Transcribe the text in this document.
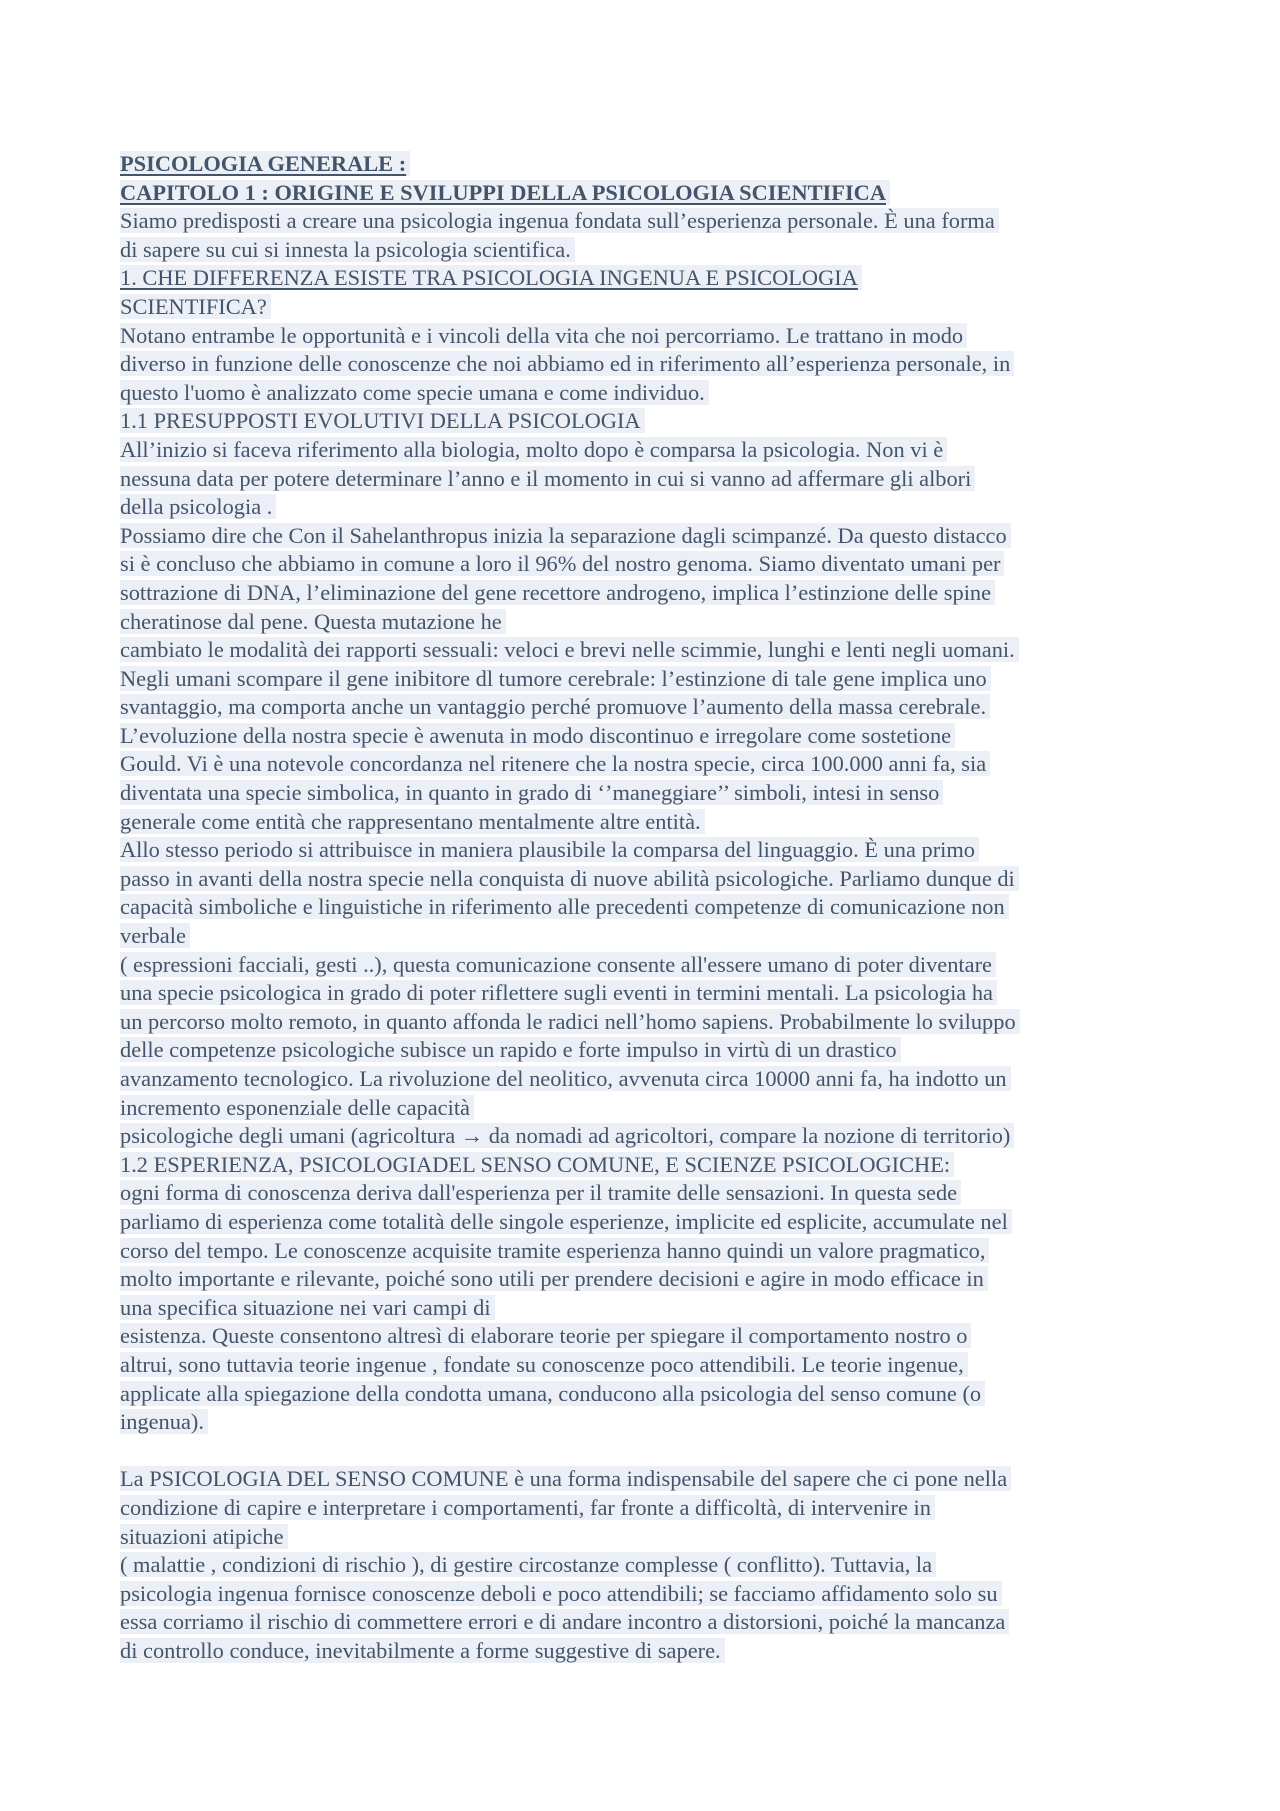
PSICOLOGIA GENERALE :
CAPITOLO 1 : ORIGINE E SVILUPPI DELLA PSICOLOGIA SCIENTIFICA
Siamo predisposti a creare una psicologia ingenua fondata sull’esperienza personale. È una forma
di sapere su cui si innesta la psicologia scientifica.
1. CHE DIFFERENZA ESISTE TRA PSICOLOGIA INGENUA E PSICOLOGIA
SCIENTIFICA?
Notano entrambe le opportunità e i vincoli della vita che noi percorriamo. Le trattano in modo
diverso in funzione delle conoscenze che noi abbiamo ed in riferimento all’esperienza personale, in
questo l'uomo è analizzato come specie umana e come individuo.
1.1 PRESUPPOSTI EVOLUTIVI DELLA PSICOLOGIA
All’inizio si faceva riferimento alla biologia, molto dopo è comparsa la psicologia. Non vi è
nessuna data per potere determinare l’anno e il momento in cui si vanno ad affermare gli albori
della psicologia .
Possiamo dire che Con il Sahelanthropus inizia la separazione dagli scimpanzé. Da questo distacco
si è concluso che abbiamo in comune a loro il 96% del nostro genoma. Siamo diventato umani per
sottrazione di DNA, l’eliminazione del gene recettore androgeno, implica l’estinzione delle spine
cheratinose dal pene. Questa mutazione he
cambiato le modalità dei rapporti sessuali: veloci e brevi nelle scimmie, lunghi e lenti negli uomani.
Negli umani scompare il gene inibitore dl tumore cerebrale: l’estinzione di tale gene implica uno
svantaggio, ma comporta anche un vantaggio perché promuove l’aumento della massa cerebrale.
L’evoluzione della nostra specie è awenuta in modo discontinuo e irregolare come sostetione
Gould. Vi è una notevole concordanza nel ritenere che la nostra specie, circa 100.000 anni fa, sia
diventata una specie simbolica, in quanto in grado di ‘’maneggiare’’ simboli, intesi in senso
generale come entità che rappresentano mentalmente altre entità.
Allo stesso periodo si attribuisce in maniera plausibile la comparsa del linguaggio. È una primo
passo in avanti della nostra specie nella conquista di nuove abilità psicologiche. Parliamo dunque di
capacità simboliche e linguistiche in riferimento alle precedenti competenze di comunicazione non
verbale
( espressioni facciali, gesti ..), questa comunicazione consente all'essere umano di poter diventare
una specie psicologica in grado di poter riflettere sugli eventi in termini mentali. La psicologia ha
un percorso molto remoto, in quanto affonda le radici nell’homo sapiens. Probabilmente lo sviluppo
delle competenze psicologiche subisce un rapido e forte impulso in virtù di un drastico
avanzamento tecnologico. La rivoluzione del neolitico, avvenuta circa 10000 anni fa, ha indotto un
incremento esponenziale delle capacità
psicologiche degli umani (agricoltura → da nomadi ad agricoltori, compare la nozione di territorio)
1.2 ESPERIENZA, PSICOLOGIADEL SENSO COMUNE, E SCIENZE PSICOLOGICHE:
ogni forma di conoscenza deriva dall'esperienza per il tramite delle sensazioni. In questa sede
parliamo di esperienza come totalità delle singole esperienze, implicite ed esplicite, accumulate nel
corso del tempo. Le conoscenze acquisite tramite esperienza hanno quindi un valore pragmatico,
molto importante e rilevante, poiché sono utili per prendere decisioni e agire in modo efficace in
una specifica situazione nei vari campi di
esistenza. Queste consentono altresì di elaborare teorie per spiegare il comportamento nostro o
altrui, sono tuttavia teorie ingenue , fondate su conoscenze poco attendibili. Le teorie ingenue,
applicate alla spiegazione della condotta umana, conducono alla psicologia del senso comune (o
ingenua).
La PSICOLOGIA DEL SENSO COMUNE è una forma indispensabile del sapere che ci pone nella
condizione di capire e interpretare i comportamenti, far fronte a difficoltà, di intervenire in
situazioni atipiche
( malattie , condizioni di rischio ), di gestire circostanze complesse ( conflitto). Tuttavia, la
psicologia ingenua fornisce conoscenze deboli e poco attendibili; se facciamo affidamento solo su
essa corriamo il rischio di commettere errori e di andare incontro a distorsioni, poiché la mancanza
di controllo conduce, inevitabilmente a forme suggestive di sapere.
